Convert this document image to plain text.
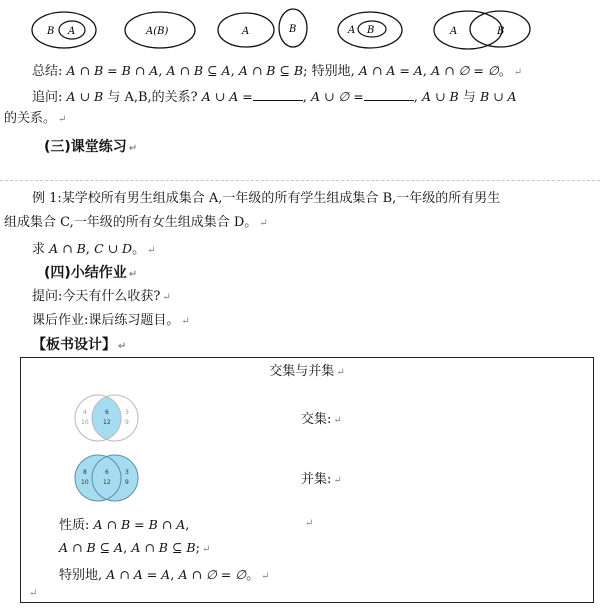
B A	A(B)	A	B	A B	A	B
总结: A ∩ B = B ∩ A, A ∩ B ⊆ A, A ∩ B ⊆ B; 特别地, A ∩ A = A, A ∩ ∅ = ∅。 ↵
追问: A ∪ B 与 A,B,的关系? A ∪ A =	, A ∪ ∅ =	, A ∪ B 与 B ∪ A
的关系。 ↵
(三)课堂练习 ↵
例 1:某学校所有男生组成集合 A,一年级的所有学生组成集合 B,一年级的所有男生
组成集合 C,一年级的所有女生组成集合 D。 ↵
求 A ∩ B, C ∪ D。 ↵
(四)小结作业 ↵
提问:今天有什么收获? ↵
课后作业:课后练习题目。 ↵
【板书设计】 ↵
交集与并集 ↵
4
10
6
12
3
9	交集: ↵
8
10
6
12
3
9	并集: ↵
性质: A ∩ B = B ∩ A,	↵
A ∩ B ⊆ A, A ∩ B ⊆ B; ↵
特别地, A ∩ A = A, A ∩ ∅ = ∅。 ↵
↵
